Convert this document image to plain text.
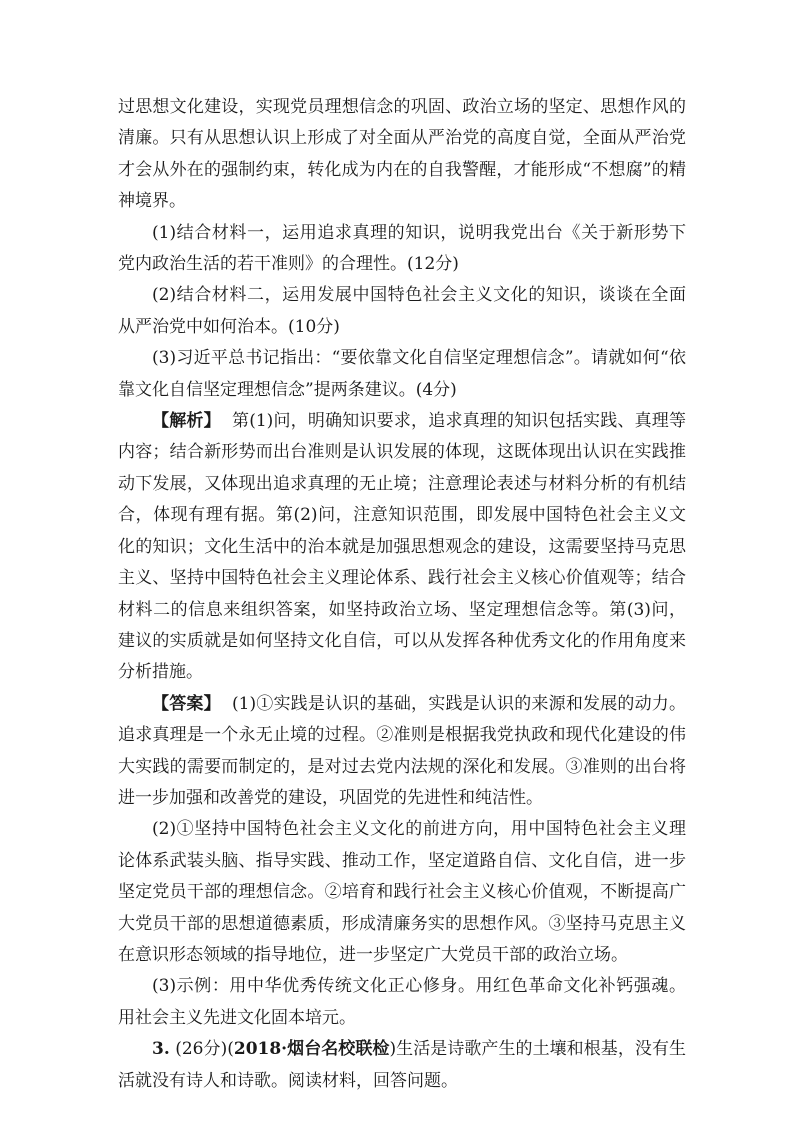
过思想文化建设，实现党员理想信念的巩固、政治立场的坚定、思想作风的清廉。只有从思想认识上形成了对全面从严治党的高度自觉，全面从严治党才会从外在的强制约束，转化成为内在的自我警醒，才能形成“不想腐”的精神境界。

(1)结合材料一，运用追求真理的知识，说明我党出台《关于新形势下党内政治生活的若干准则》的合理性。(12分)

(2)结合材料二，运用发展中国特色社会主义文化的知识，谈谈在全面从严治党中如何治本。(10分)

(3)习近平总书记指出：“要依靠文化自信坚定理想信念”。请就如何“依靠文化自信坚定理想信念”提两条建议。(4分)

【解析】 第(1)问，明确知识要求，追求真理的知识包括实践、真理等内容；结合新形势而出台准则是认识发展的体现，这既体现出认识在实践推动下发展，又体现出追求真理的无止境；注意理论表述与材料分析的有机结合，体现有理有据。第(2)问，注意知识范围，即发展中国特色社会主义文化的知识；文化生活中的治本就是加强思想观念的建设，这需要坚持马克思主义、坚持中国特色社会主义理论体系、践行社会主义核心价值观等；结合材料二的信息来组织答案，如坚持政治立场、坚定理想信念等。第(3)问，建议的实质就是如何坚持文化自信，可以从发挥各种优秀文化的作用角度来分析措施。

【答案】 (1)①实践是认识的基础，实践是认识的来源和发展的动力。追求真理是一个永无止境的过程。②准则是根据我党执政和现代化建设的伟大实践的需要而制定的，是对过去党内法规的深化和发展。③准则的出台将进一步加强和改善党的建设，巩固党的先进性和纯洁性。

(2)①坚持中国特色社会主义文化的前进方向，用中国特色社会主义理论体系武装头脑、指导实践、推动工作，坚定道路自信、文化自信，进一步坚定党员干部的理想信念。②培育和践行社会主义核心价值观，不断提高广大党员干部的思想道德素质，形成清廉务实的思想作风。③坚持马克思主义在意识形态领域的指导地位，进一步坚定广大党员干部的政治立场。

(3)示例：用中华优秀传统文化正心修身。用红色革命文化补钙强魂。用社会主义先进文化固本培元。

3. (26分)(2018·烟台名校联检)生活是诗歌产生的土壤和根基，没有生活就没有诗人和诗歌。阅读材料，回答问题。
